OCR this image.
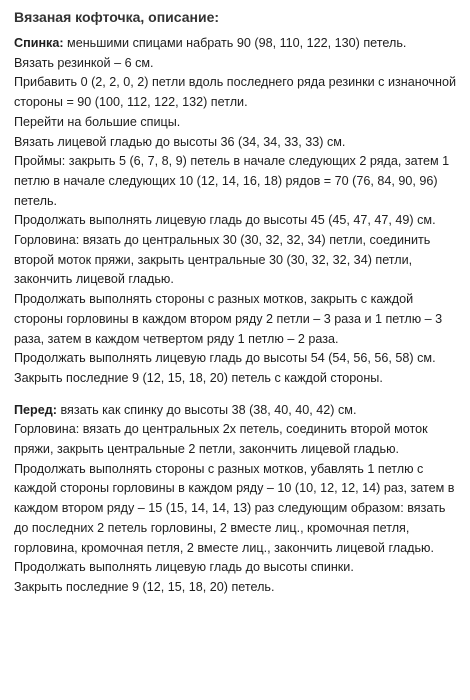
Вязаная кофточка, описание:

Спинка: меньшими спицами набрать 90 (98, 110, 122, 130) петель.

Вязать резинкой – 6 см.

Прибавить 0 (2, 2, 0, 2) петли вдоль последнего ряда резинки с изнаночной стороны = 90 (100, 112, 122, 132) петли.

Перейти на большие спицы.

Вязать лицевой гладью до высоты 36 (34, 34, 33, 33) см.

Проймы: закрыть 5 (6, 7, 8, 9) петель в начале следующих 2 ряда, затем 1 петлю в начале следующих 10 (12, 14, 16, 18) рядов = 70 (76, 84, 90, 96) петель.

Продолжать выполнять лицевую гладь до высоты 45 (45, 47, 47, 49) см.

Горловина: вязать до центральных 30 (30, 32, 32, 34) петли, соединить второй моток пряжи, закрыть центральные 30 (30, 32, 32, 34) петли, закончить лицевой гладью.

Продолжать выполнять стороны с разных мотков, закрыть с каждой стороны горловины в каждом втором ряду 2 петли – 3 раза и 1 петлю – 3 раза, затем в каждом четвертом ряду 1 петлю – 2 раза.

Продолжать выполнять лицевую гладь до высоты 54 (54, 56, 56, 58) см.

Закрыть последние 9 (12, 15, 18, 20) петель с каждой стороны.

Перед: вязать как спинку до высоты 38 (38, 40, 40, 42) см.

Горловина: вязать до центральных 2х петель, соединить второй моток пряжи, закрыть центральные 2 петли, закончить лицевой гладью.

Продолжать выполнять стороны с разных мотков, убавлять 1 петлю с каждой стороны горловины в каждом ряду – 10 (10, 12, 12, 14) раз, затем в каждом втором ряду – 15 (15, 14, 14, 13) раз следующим образом: вязать до последних 2 петель горловины, 2 вместе лиц., кромочная петля, горловина, кромочная петля, 2 вместе лиц., закончить лицевой гладью.

Продолжать выполнять лицевую гладь до высоты спинки.

Закрыть последние 9 (12, 15, 18, 20) петель.
